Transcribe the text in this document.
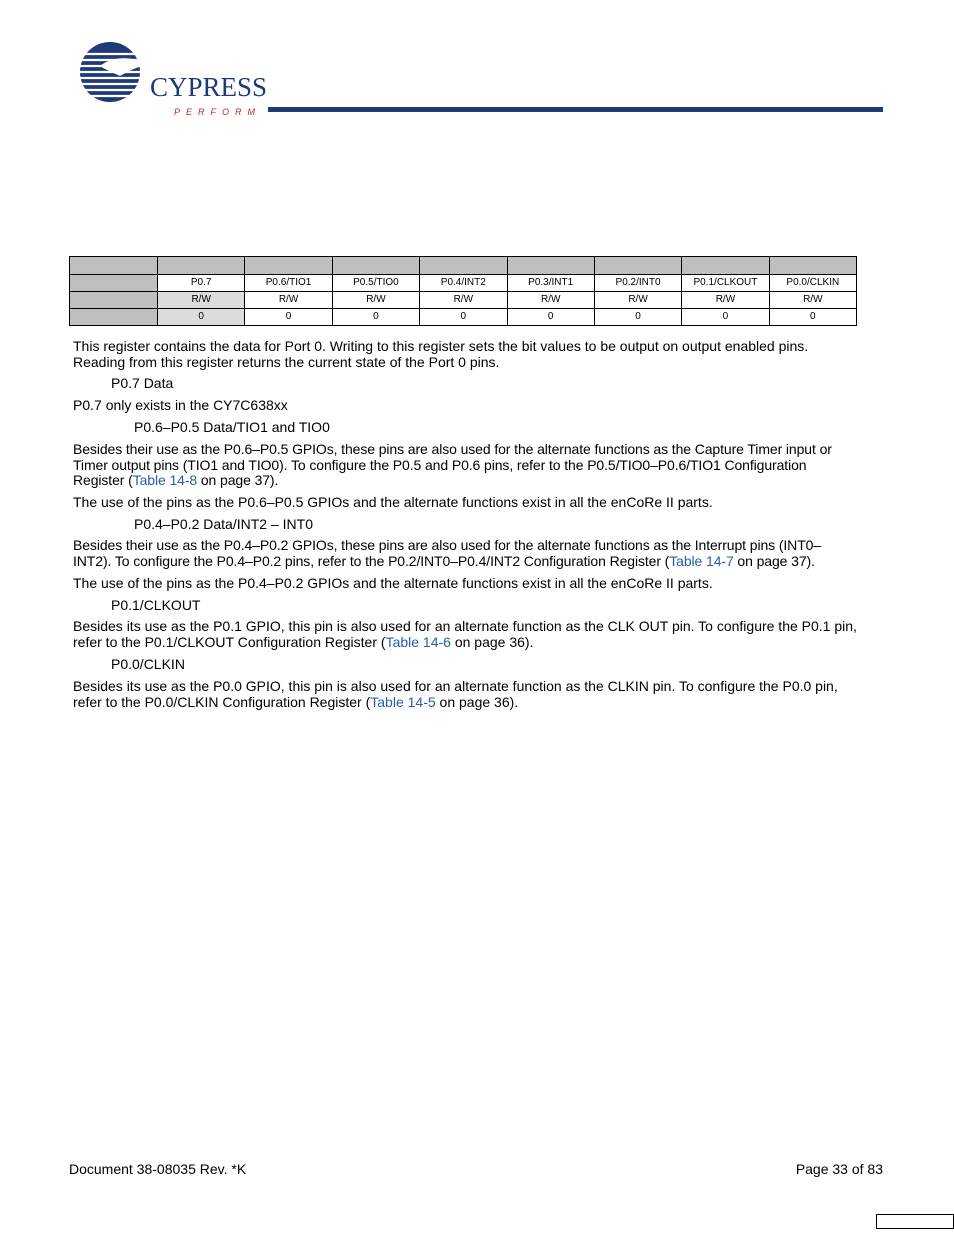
CYPRESS
PERFORM

	P0.7	P0.6/TIO1	P0.5/TIO0	P0.4/INT2	P0.3/INT1	P0.2/INT0	P0.1/CLKOUT	P0.0/CLKIN
	R/W	R/W	R/W	R/W	R/W	R/W	R/W	R/W
	0	0	0	0	0	0	0	0
This register contains the data for Port 0. Writing to this register sets the bit values to be output on output enabled pins. Reading from this register returns the current state of the Port 0 pins.
P0.7 Data
P0.7 only exists in the CY7C638xx
P0.6–P0.5 Data/TIO1 and TIO0
Besides their use as the P0.6–P0.5 GPIOs, these pins are also used for the alternate functions as the Capture Timer input or Timer output pins (TIO1 and TIO0). To configure the P0.5 and P0.6 pins, refer to the P0.5/TIO0–P0.6/TIO1 Configuration Register (Table 14-8 on page 37).
The use of the pins as the P0.6–P0.5 GPIOs and the alternate functions exist in all the enCoRe II parts.
P0.4–P0.2 Data/INT2 – INT0
Besides their use as the P0.4–P0.2 GPIOs, these pins are also used for the alternate functions as the Interrupt pins (INT0–INT2). To configure the P0.4–P0.2 pins, refer to the P0.2/INT0–P0.4/INT2 Configuration Register (Table 14-7 on page 37).
The use of the pins as the P0.4–P0.2 GPIOs and the alternate functions exist in all the enCoRe II parts.
P0.1/CLKOUT
Besides its use as the P0.1 GPIO, this pin is also used for an alternate function as the CLK OUT pin. To configure the P0.1 pin, refer to the P0.1/CLKOUT Configuration Register (Table 14-6 on page 36).
P0.0/CLKIN
Besides its use as the P0.0 GPIO, this pin is also used for an alternate function as the CLKIN pin. To configure the P0.0 pin, refer to the P0.0/CLKIN Configuration Register (Table 14-5 on page 36).
Document 38-08035 Rev. *K	Page 33 of 83
